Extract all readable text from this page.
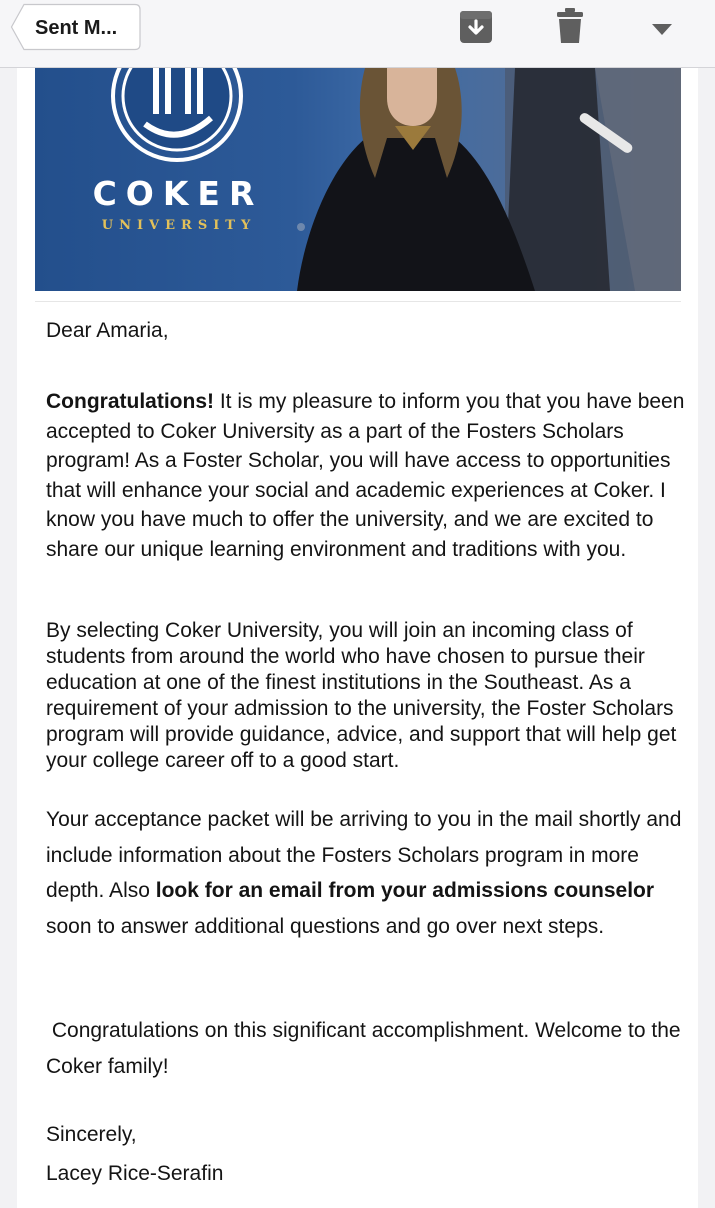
Sent M...
COKER
UNIVERSITY
Dear Amaria,
Congratulations! It is my pleasure to inform you that you have been accepted to Coker University as a part of the Fosters Scholars program! As a Foster Scholar, you will have access to opportunities that will enhance your social and academic experiences at Coker. I know you have much to offer the university, and we are excited to share our unique learning environment and traditions with you.
By selecting Coker University, you will join an incoming class of students from around the world who have chosen to pursue their education at one of the finest institutions in the Southeast. As a requirement of your admission to the university, the Foster Scholars program will provide guidance, advice, and support that will help get your college career off to a good start.
Your acceptance packet will be arriving to you in the mail shortly and include information about the Fosters Scholars program in more depth. Also look for an email from your admissions counselor soon to answer additional questions and go over next steps.
Congratulations on this significant accomplishment. Welcome to the Coker family!
Sincerely,
Lacey Rice-Serafin
